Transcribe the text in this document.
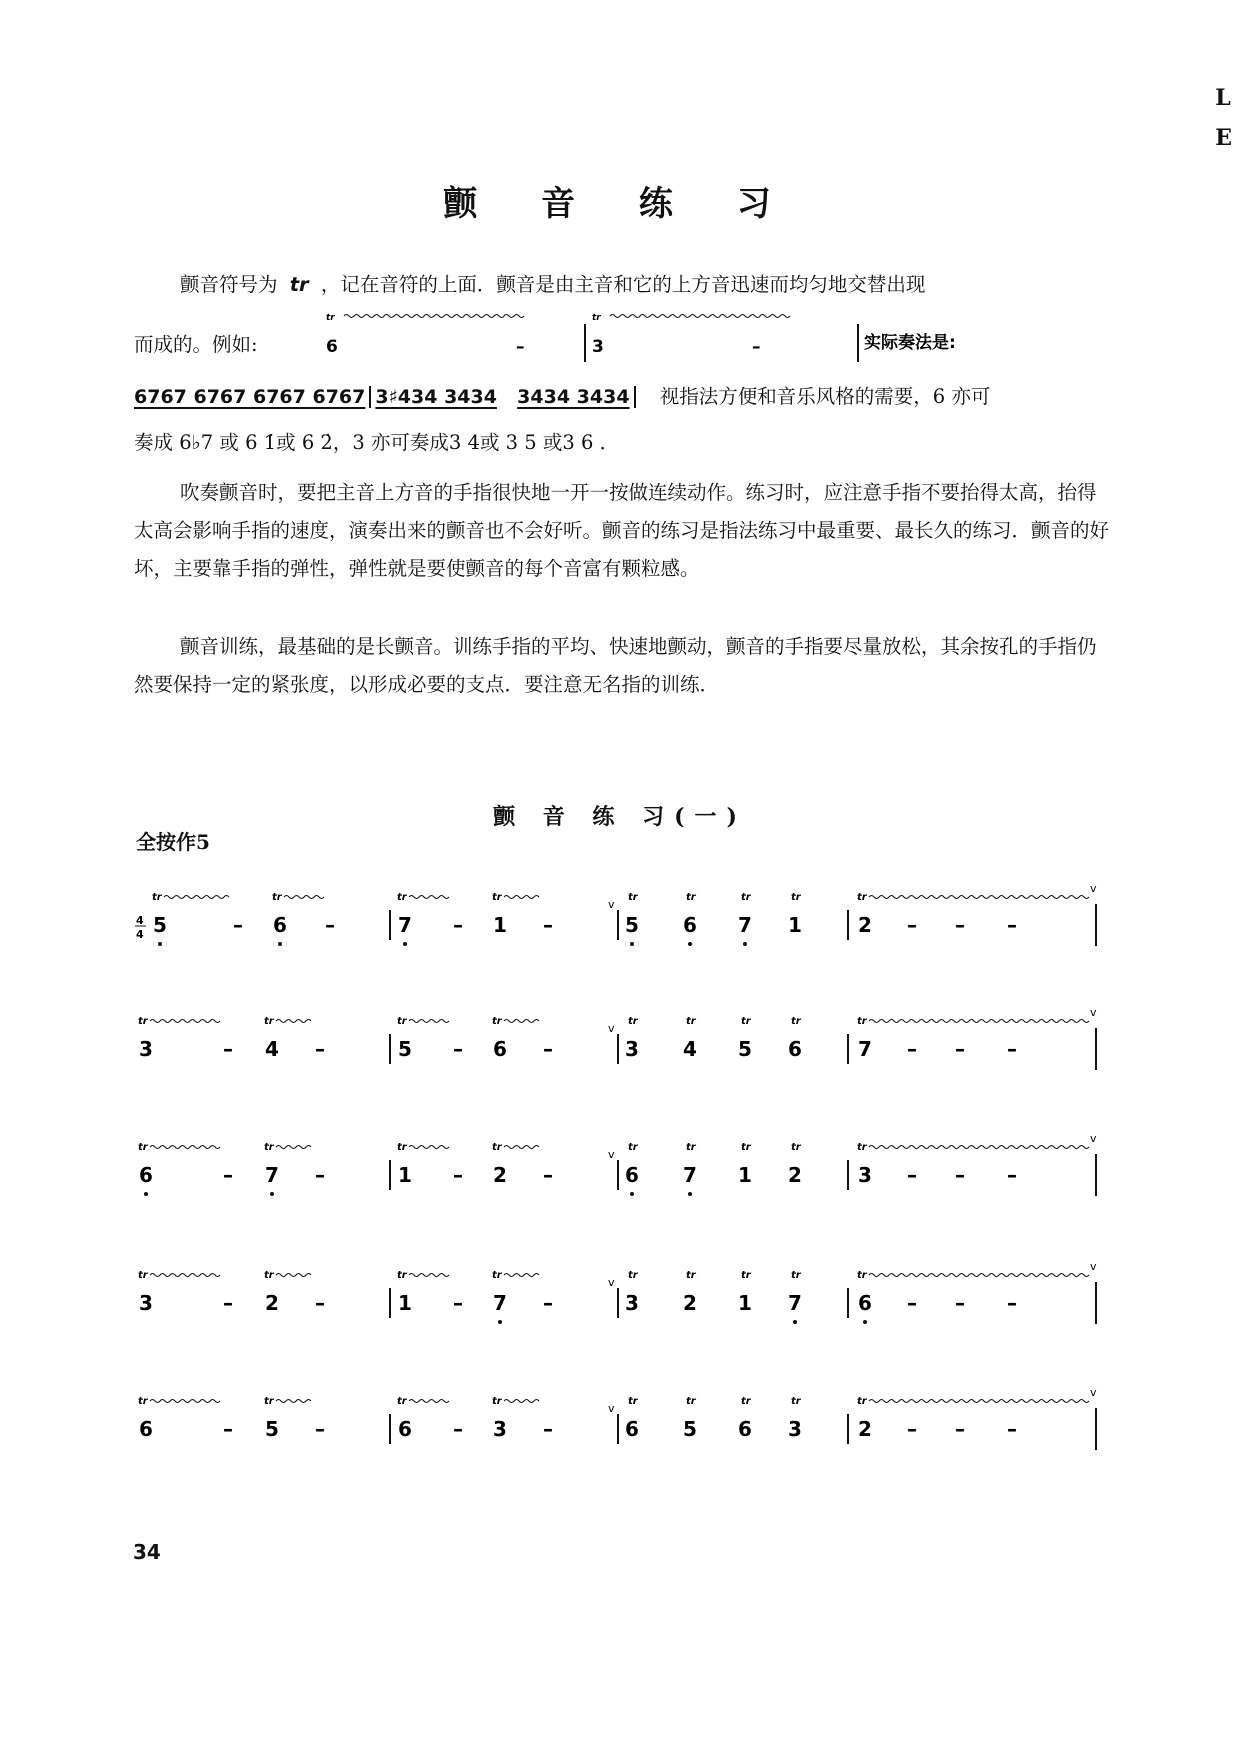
L
E
颤 音 练 习
颤音符号为 tr ，记在音符的上面．颤音是由主音和它的上方音迅速而均匀地交替出现
而成的。例如:
tr
6	–
tr
3	–	实际奏法是:
6767 6767 6767 6767 3♯434 3434 3434 3434 视指法方便和音乐风格的需要，6 亦可
奏成 6♭7 或 6 1̇或 6 2̇，3 亦可奏成3 4或 3 5 或3 6 ．
吹奏颤音时，要把主音上方音的手指很快地一开一按做连续动作。练习时，应注意手指不要抬得太高，抬得太高会影响手指的速度，演奏出来的颤音也不会好听。颤音的练习是指法练习中最重要、最长久的练习．颤音的好坏，主要靠手指的弹性，弹性就是要使颤音的每个音富有颗粒感。
颤音训练，最基础的是长颤音。训练手指的平均、快速地颤动，颤音的手指要尽量放松，其余按孔的手指仍然要保持一定的紧张度，以形成必要的支点．要注意无名指的训练．
颤 音 练 习(一)
全按作5
4
4 5	– 6 –	7 – 1 –	5 6 7 1	2 – – –
tr	tr	tr	tr	tr	tr	tr	tr	tr
v
v
3	– 4 –	5 – 6 –	3 4 5 6	7 – – –
tr	tr	tr	tr	tr	tr	tr	tr	tr
v
v
6	– 7 –	1 – 2 –	6 7 1 2	3 – – –
tr	tr	tr	tr	tr	tr	tr	tr	tr
v
v
3	– 2 –	1 – 7 –	3 2 1 7	6 – – –
tr	tr	tr	tr	tr	tr	tr	tr	tr
v
v
6	– 5 –	6 – 3 –	6 5 6 3	2 – – –
tr	tr	tr	tr	tr	tr	tr	tr	tr
v
v
34
